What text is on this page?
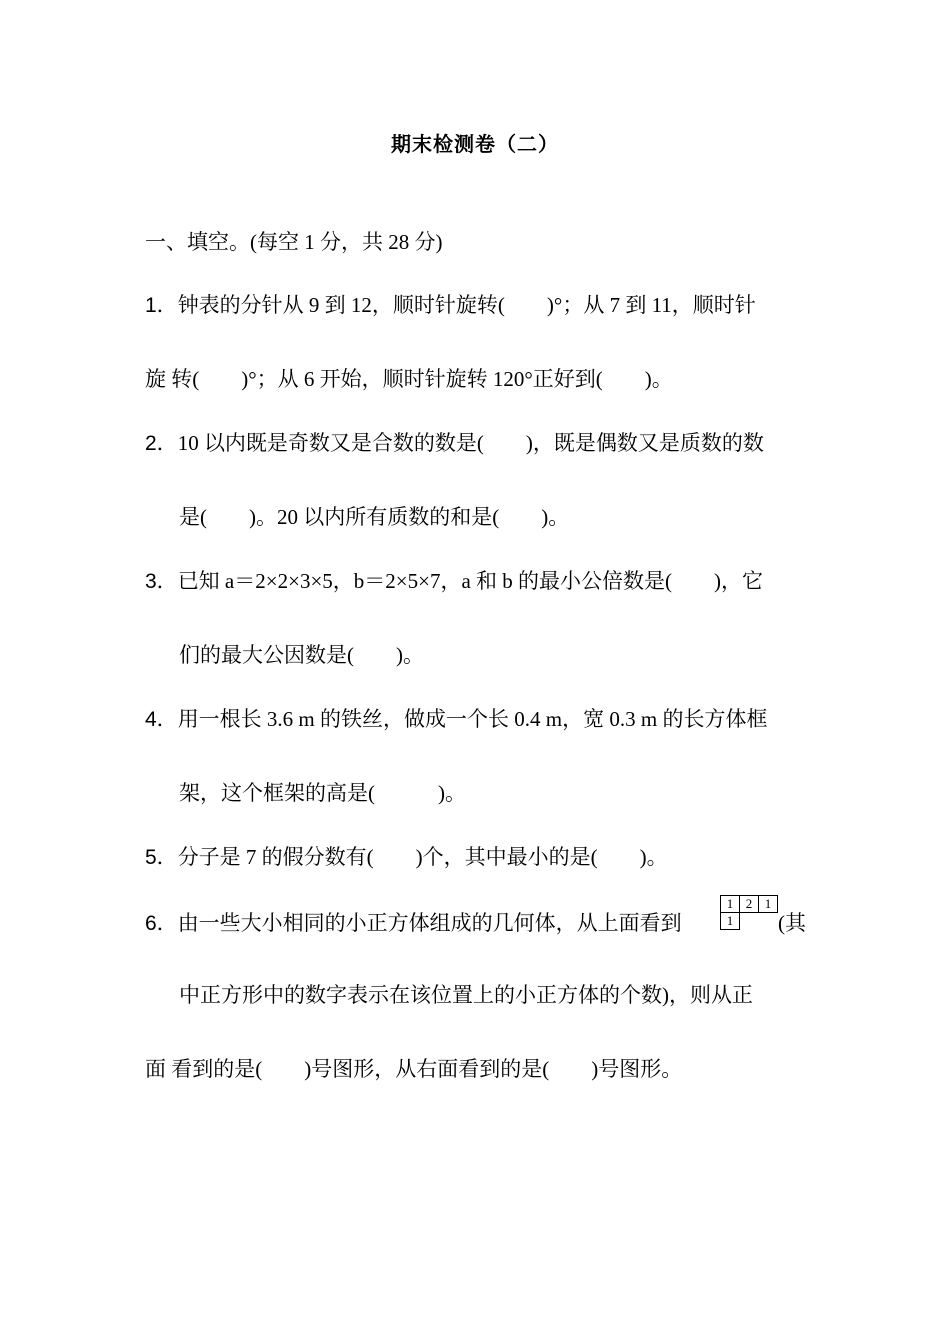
期末检测卷（二）
一、填空。(每空 1 分，共 28 分)
1．钟表的分针从 9 到 12，顺时针旋转(　　)°；从 7 到 11，顺时针
旋 转(　　)°；从 6 开始，顺时针旋转 120°正好到(　　)。
2．10 以内既是奇数又是合数的数是(　　)，既是偶数又是质数的数
是(　　)。20 以内所有质数的和是(　　)。
3．已知 a＝2×2×3×5，b＝2×5×7，a 和 b 的最小公倍数是(　　)，它
们的最大公因数是(　　)。
4．用一根长 3.6 m 的铁丝，做成一个长 0.4 m，宽 0.3 m 的长方体框
架，这个框架的高是(　　　)。
5．分子是 7 的假分数有(　　)个，其中最小的是(　　)。
6．由一些大小相同的小正方体组成的几何体，从上面看到	(其
1 2 1
1
中正方形中的数字表示在该位置上的小正方体的个数)，则从正
面 看到的是(　　)号图形，从右面看到的是(　　)号图形。
